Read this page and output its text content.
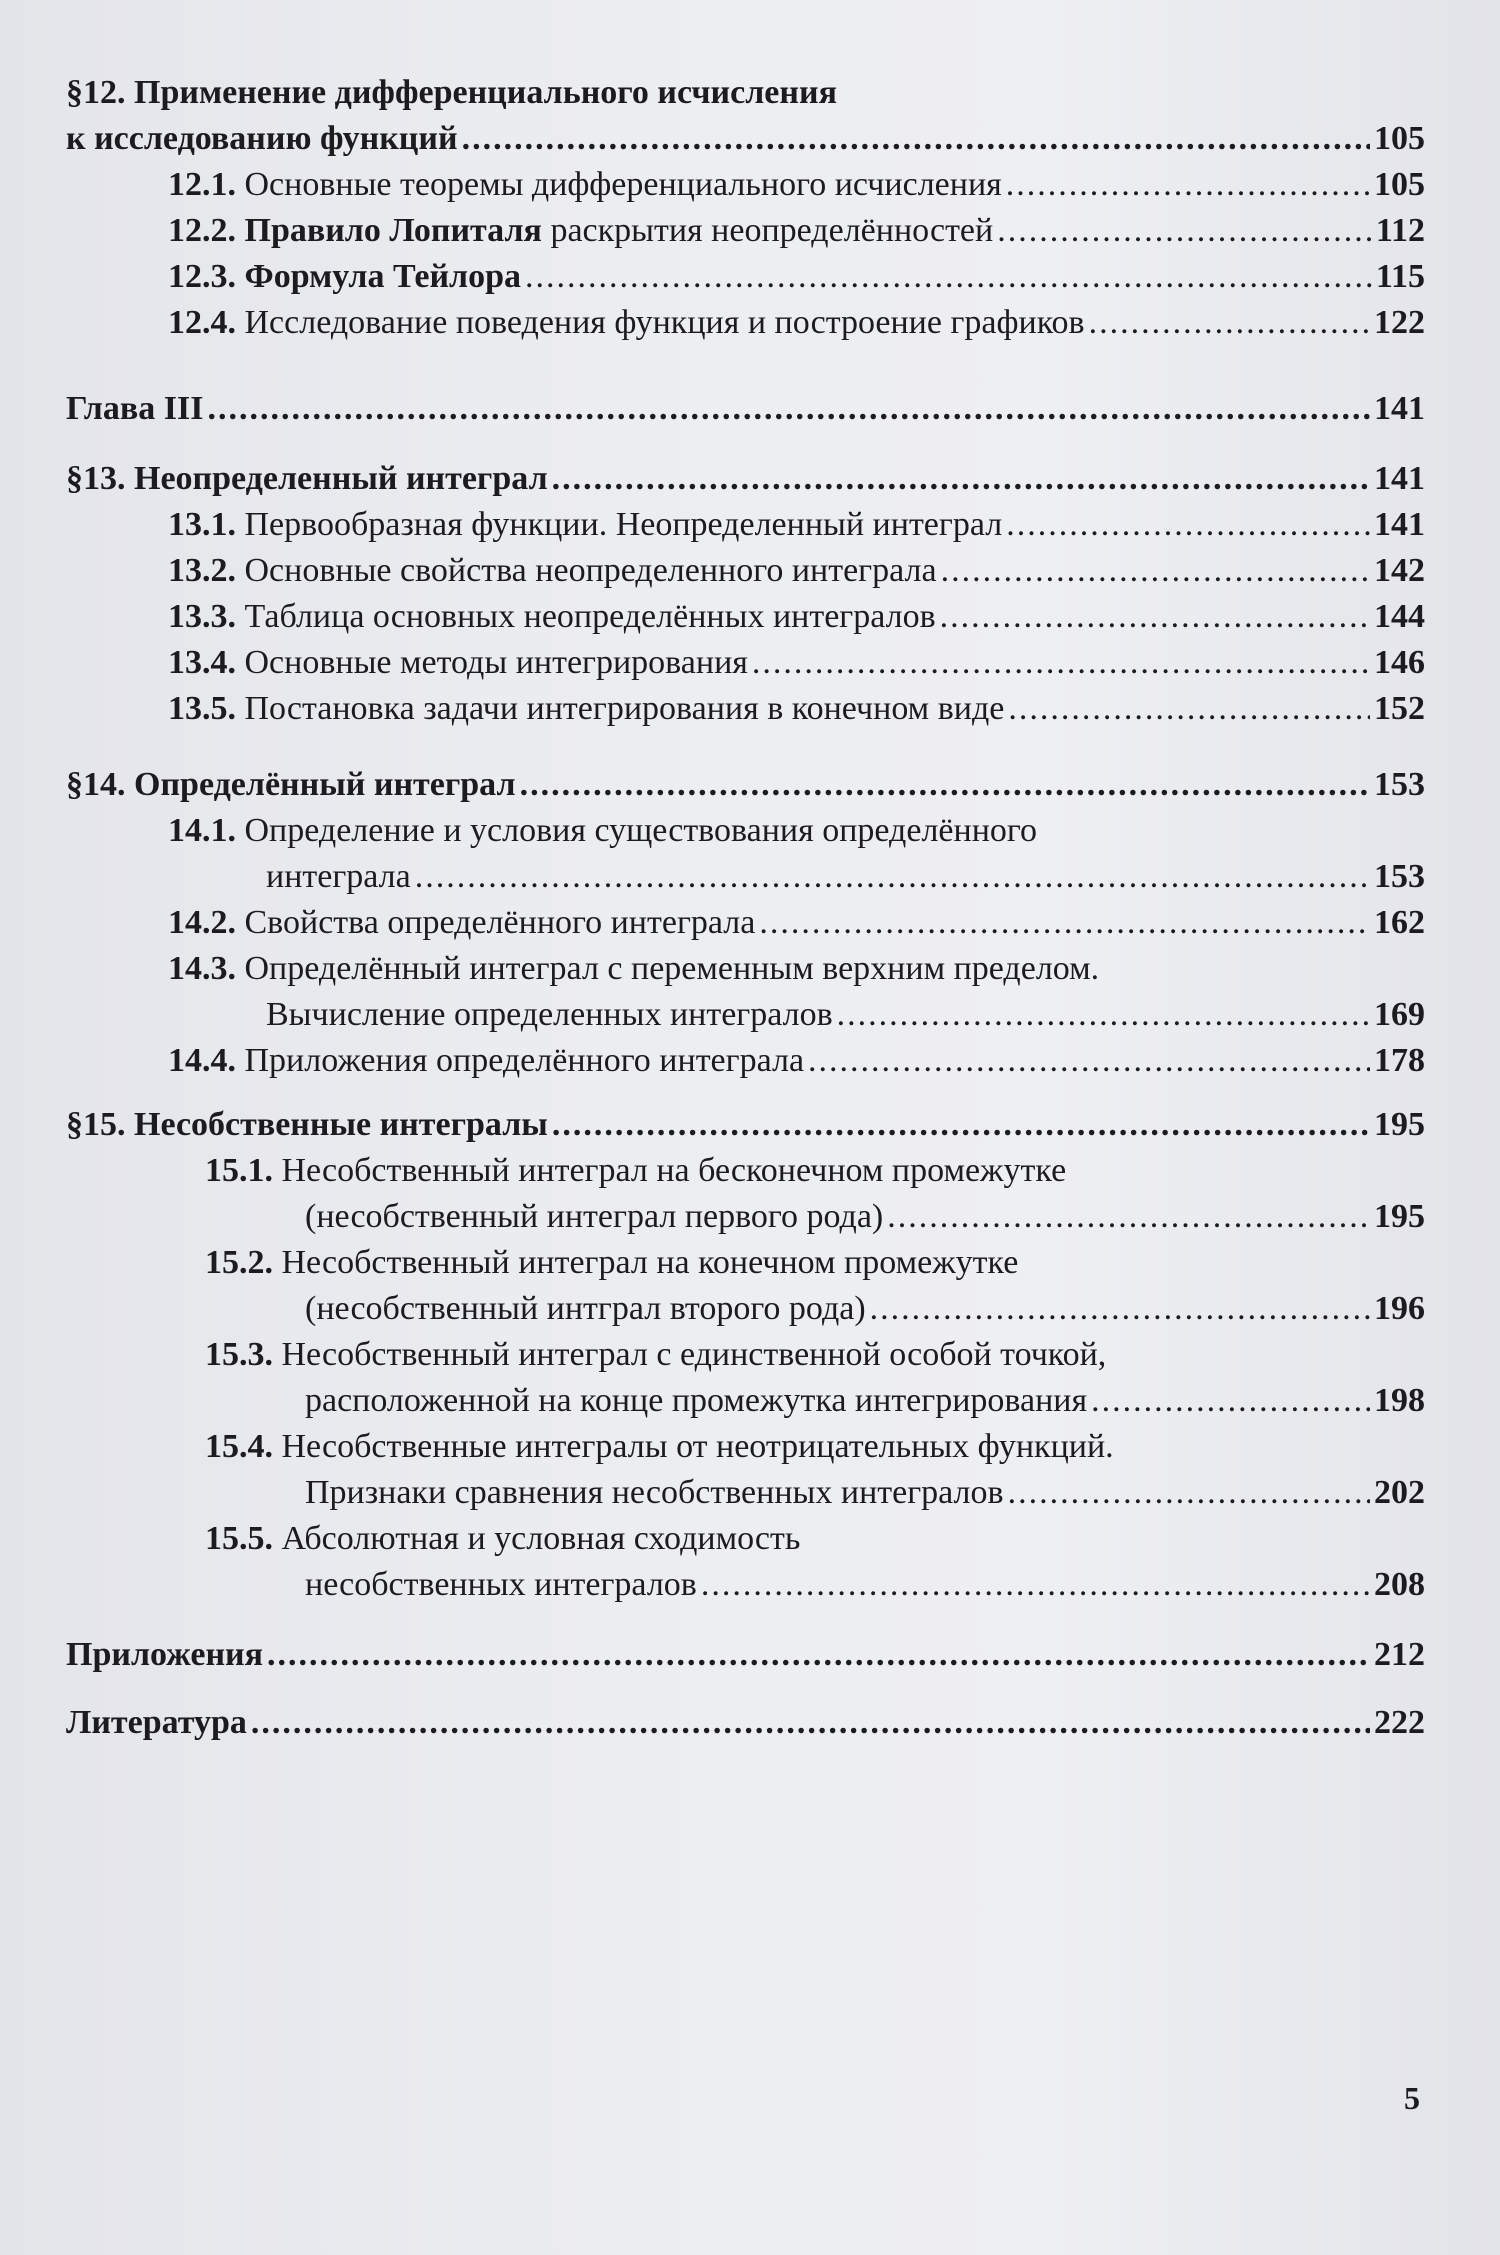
§12. Применение дифференциального исчисления
к исследованию функций .....	105
12.1. Основные теоремы дифференциального исчисления .....	105
12.2. Правило Лопиталя раскрытия неопределённостей .....	112
12.3. Формула Тейлора .....	115
12.4. Исследование поведения функция и построение графиков .....	122
Глава III .....	141
§13. Неопределенный интеграл .....	141
13.1. Первообразная функции. Неопределенный интеграл .....	141
13.2. Основные свойства неопределенного интеграла .....	142
13.3. Таблица основных неопределённых интегралов .....	144
13.4. Основные методы интегрирования .....	146
13.5. Постановка задачи интегрирования в конечном виде .....	152
§14. Определённый интеграл .....	153
14.1. Определение и условия существования определённого
интеграла .....	153
14.2. Свойства определённого интеграла .....	162
14.3. Определённый интеграл с переменным верхним пределом.
Вычисление определенных интегралов .....	169
14.4. Приложения определённого интеграла .....	178
§15. Несобственные интегралы .....	195
15.1. Несобственный интеграл на бесконечном промежутке
(несобственный интеграл первого рода) .....	195
15.2. Несобственный интеграл на конечном промежутке
(несобственный интграл второго рода) .....	196
15.3. Несобственный интеграл с единственной особой точкой,
расположенной на конце промежутка интегрирования .....	198
15.4. Несобственные интегралы от неотрицательных функций.
Признаки сравнения несобственных интегралов .....	202
15.5. Абсолютная и условная сходимость
несобственных интегралов .....	208
Приложения .....	212
Литература .....	222
5
